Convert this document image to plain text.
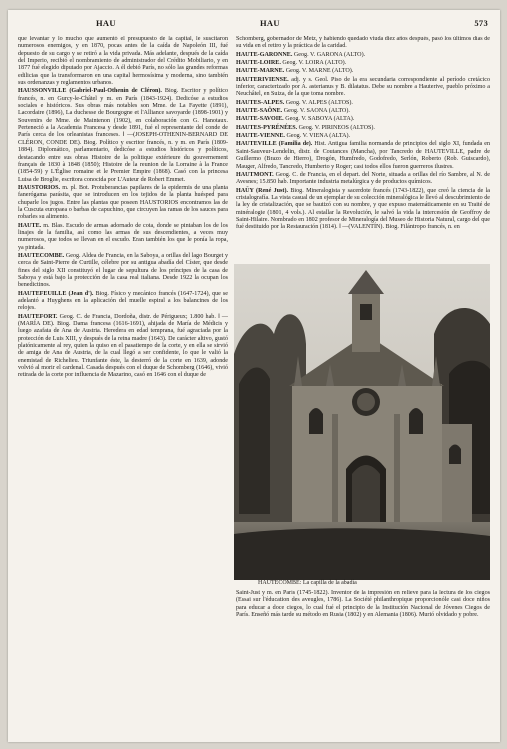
HAU	HAU	573

que levantar y lo mucho que aumentó el presupuesto de la capital, le suscitaron numerosos enemigos, y en 1870, pocas antes de la caída de Napoleón III, fué depuesto de su cargo y se retiró a la vida privada. Más adelante, después de la caída del Imperio, recibió el nombramiento de administrador del Crédito Mobiliario, y en 1877 fué elegido diputado por Ajaccio. A él debió París, no sólo las grandes reformas edilicias que la transformaron en una capital hermosísima y moderna, sino también sus ordenanzas y reglamentos urbanos.

HAUSSONVILLE (Gabriel-Paul-Othenin de Cléron). Biog. Escritor y político francés, n. en Gurcy-le-Châtel y m. en París (1843-1924). Dedicóse a estudios sociales e históricos. Sus obras más notables son Mme. de La Fayette (1891), Lacordaire (1896), La duchesse de Bourgogne et l'Alliance savoyarde (1898-1901) y Souvenirs de Mme. de Maintenon (1902), en colaboración con G. Hanotaux. Perteneció a la Academia Francesa y desde 1891, fué el representante del conde de París cerca de los orleanistas franceses. ‖ —(JOSEPH-OTHENIN-BERNARD DE CLÉRON, CONDE DE). Biog. Político y escritor francés, n. y m. en París (1809-1884). Diplomático, parlamentario, dedicóse a estudios históricos y políticos, destacando entre sus obras Histoire de la politique extérieure du gouvernement français de 1830 à 1848 (1850); Histoire de la reunion de la Lorraine à la France (1854-59) y L'Église romaine et le Premier Empire (1868). Casó con la princesa Luisa de Broglie, escritora conocida por L'Auteur de Robert Emmet.

HAUSTORIOS. m. pl. Bot. Protuberancias papilares de la epidermis de una planta fanerógama parásita, que se introducen en los tejidos de la planta huésped para chuparle los jugos. Entre las plantas que poseen HAUSTORIOS encontramos las de la Cuscuta europaea o barbas de capuchino, que circuyen las ramas de los sauces para robarles su alimento.

HAUTE. m. Blas. Escudo de armas adornado de cota, donde se pintaban los de los linajes de la familia, así como las armas de sus descendientes, a veces muy numerosos, que todos se llevan en el escudo. Eran también los que le ponía la ropa, ya pintada.

HAUTECOMBE. Geog. Aldea de Francia, en la Saboya, a orillas del lago Bourget y cerca de Saint-Pierre de Curtille, célebre por su antigua abadía del Císter, que desde fines del siglo XII constituyó el lugar de sepultura de los príncipes de la casa de Saboya y está bajo la protección de la casa real italiana. Desde 1922 la ocupan los benedictinos.

HAUTEFEUILLE (Jean d'). Biog. Físico y mecánico francés (1647-1724), que se adelantó a Huyghens en la aplicación del muelle espiral a los balancines de los relojes.

HAUTEFORT. Geog. C. de Francia, Dordoña, distr. de Périgueux; 1.800 hab. ‖ —(MARÍA DE). Biog. Dama francesa (1616-1691), ahijada de María de Médicis y luego azafata de Ana de Austria. Heredera en edad temprana, fué agraciada por la protección de Luis XIII, y después de la reina madre (1643). De carácter altivo, gustó platónicamente al rey, quien la quiso en el pasatiempo de la corte, y en ella se sirvió de amiga de Ana de Austria, de la cual llegó a ser confidente, lo que le valió la enemistad de Richelieu. Triunfante éste, la desterró de la corte en 1639, adonde volvió al morir el cardenal. Casada después con el duque de Schomberg (1646), vivió retirada de la corte por influencia de Mazarino, casó en 1646 con el duque de

Schomberg, gobernador de Metz, y habiendo quedado viuda diez años después, pasó los últimos días de su vida en el retiro y la práctica de la caridad.

HAUTE-GARONNE. Geog. V. GARONA (ALTO).

HAUTE-LOIRE. Geog. V. LOIRA (ALTO).

HAUTE-MARNE. Geog. V. MARNE (ALTO).

HAUTERIVIENSE. adj. y s. Geol. Piso de la era secundaria correspondiente al período cretácico inferior, caracterizado por A. asterianus y B. dilatatus. Debe su nombre a Hauterive, pueblo próximo a Neuchâtel, en Suiza, de la que toma nombre.

HAUTES-ALPES. Geog. V. ALPES (ALTOS).

HAUTE-SAÔNE. Geog. V. SAONA (ALTO).

HAUTE-SAVOIE. Geog. V. SABOYA (ALTA).

HAUTES-PYRÉNÉES. Geog. V. PIRINEOS (ALTOS).

HAUTE-VIENNE. Geog. V. VIENA (ALTA).

HAUTEVILLE (Familia de). Hist. Antigua familia normanda de principios del siglo XI, fundada en Saint-Sauveur-Lendelin, distr. de Coutances (Mancha), por Tancredo de HAUTEVILLE, padre de Guillermo (Brazo de Hierro), Drogón, Humfredo, Godofredo, Serlón, Roberto (Rob. Guiscardo), Mauger, Alfredo, Tancredo, Humberto y Roger; casi todos ellos fueron guerreros ilustres.

HAUTMONT. Geog. C. de Francia, en el depart. del Norte, situada a orillas del río Sambre, al N. de Avesnes; 15.850 hab. Importante industria metalúrgica y de productos químicos.

HAÜY (René Just). Biog. Mineralogista y sacerdote francés (1743-1822), que creó la ciencia de la cristalografía. La vista casual de un ejemplar de su colección mineralógica le llevó al descubrimiento de la ley de cristalización, que se bautizó con su nombre, y que expuso matemáticamente en su Traité de minéralogie (1801, 4 vols.). Al estallar la Revolución, le salvó la vida la intercesión de Geoffroy de Saint-Hilaire. Nombrado en 1802 profesor de Mineralogía del Museo de Historia Natural, cargo del que fué destituido por la Restauración (1814). ‖ —(VALENTÍN). Biog. Filántropo francés, n. en

HAUTECOMBE: La capilla de la abadía

Saint-Just y m. en París (1745-1822). Inventor de la impresión en relieve para la lectura de los ciegos (Essai sur l'éducation des aveugles, 1786). La Société philanthropique proporcionóle casi doce niños para educar a doce ciegos, lo cual fué el principio de la Institución Nacional de Jóvenes Ciegos de París. Enseñó más tarde su método en Rusia (1802) y en Alemania (1806). Murió olvidado y pobre.
